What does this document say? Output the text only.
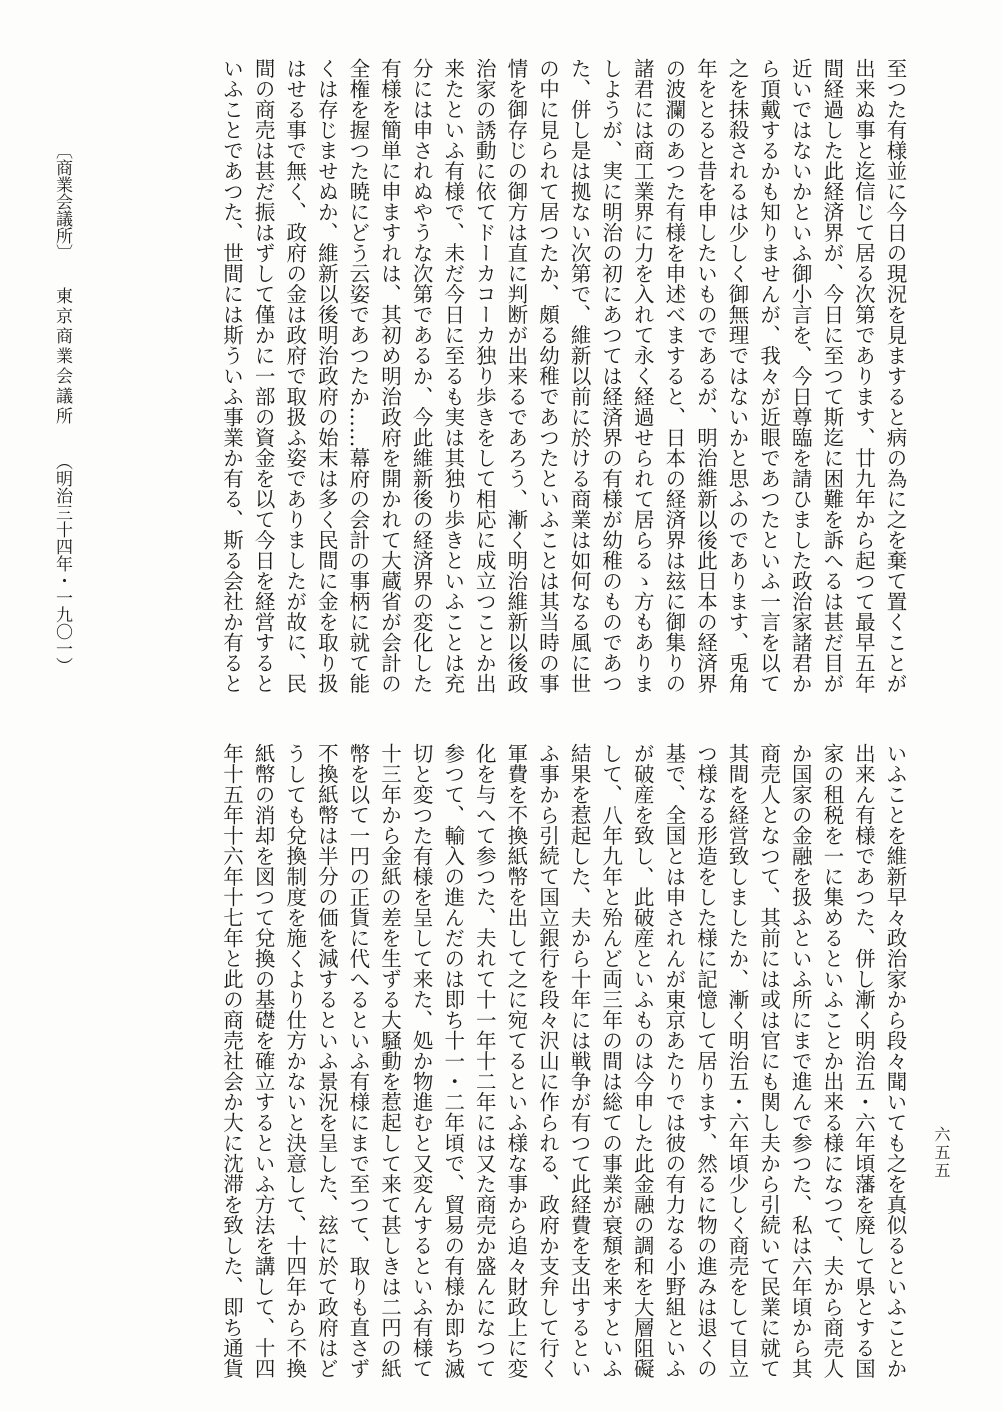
至つた有様並に今日の現況を見ますると病の為に之を棄て置くことが
出来ぬ事と迄信じて居る次第であります、廿九年から起つて最早五年
間経過した此経済界が、今日に至つて斯迄に困難を訴へるは甚だ目が
近いではないかといふ御小言を、今日尊臨を請ひました政治家諸君か
ら頂戴するかも知りませんが、我々が近眼であつたといふ一言を以て
之を抹殺されるは少しく御無理ではないかと思ふのであります、兎角
年をとると昔を申したいものであるが、明治維新以後此日本の経済界
の波瀾のあつた有様を申述べますると、日本の経済界は玆に御集りの
諸君には商工業界に力を入れて永く経過せられて居らるゝ方もありま
しようが、実に明治の初にあつては経済界の有様が幼稚のものであつ
た、併し是は拠ない次第で、維新以前に於ける商業は如何なる風に世
の中に見られて居つたか、頗る幼稚であつたといふことは其当時の事
情を御存じの御方は直に判断が出来るであろう、漸く明治維新以後政
治家の誘動に依てドーカコーカ独り歩きをして相応に成立つことか出
来たといふ有様で、未だ今日に至るも実は其独り歩きといふことは充
分には申されぬやうな次第であるか、今此維新後の経済界の変化した
有様を簡単に申ますれは、其初め明治政府を開かれて大蔵省が会計の
全権を握つた暁にどう云姿であつたか……幕府の会計の事柄に就て能
くは存じませぬか、維新以後明治政府の始末は多く民間に金を取り扱
はせる事で無く、政府の金は政府で取扱ふ姿でありましたが故に、民
間の商売は甚だ振はずして僅かに一部の資金を以て今日を経営すると
いふことであつた、世間には斯ういふ事業か有る、斯る会社か有ると
いふことを維新早々政治家から段々聞いても之を真似るといふことか
出来ん有様であつた、併し漸く明治五・六年頃藩を廃して県とする国
家の租税を一に集めるといふことか出来る様になつて、夫から商売人
か国家の金融を扱ふといふ所にまで進んで参つた、私は六年頃から其
商売人となつて、其前には或は官にも関し夫から引続いて民業に就て
其間を経営致しましたか、漸く明治五・六年頃少しく商売をして目立
つ様なる形造をした様に記憶して居ります、然るに物の進みは退くの
基で、全国とは申されんが東京あたりでは彼の有力なる小野組といふ
が破産を致し、此破産といふものは今申した此金融の調和を大層阻礙
して、八年九年と殆んど両三年の間は総ての事業が衰頽を来すといふ
結果を惹起した、夫から十年には戦争が有つて此経費を支出するとい
ふ事から引続て国立銀行を段々沢山に作られる、政府か支弁して行く
軍費を不換紙幣を出して之に宛てるといふ様な事から追々財政上に変
化を与へて参つた、夫れて十一年十二年には又た商売か盛んになつて
参つて、輸入の進んだのは即ち十一・二年頃で、貿易の有様か即ち滅
切と変つた有様を呈して来た、処か物進むと又変んするといふ有様て
十三年から金紙の差を生ずる大騒動を惹起して来て甚しきは二円の紙
幣を以て一円の正貨に代へるといふ有様にまで至つて、取りも直さず
不換紙幣は半分の価を減するといふ景況を呈した、玆に於て政府はど
うしても兌換制度を施くより仕方かないと決意して、十四年から不換
紙幣の消却を図つて兌換の基礎を確立するといふ方法を講して、十四
年十五年十六年十七年と此の商売社会か大に沈滞を致した、即ち通貨
〔商業会議所〕東京商業会議所（明治三十四年・一九〇一）
六五五
